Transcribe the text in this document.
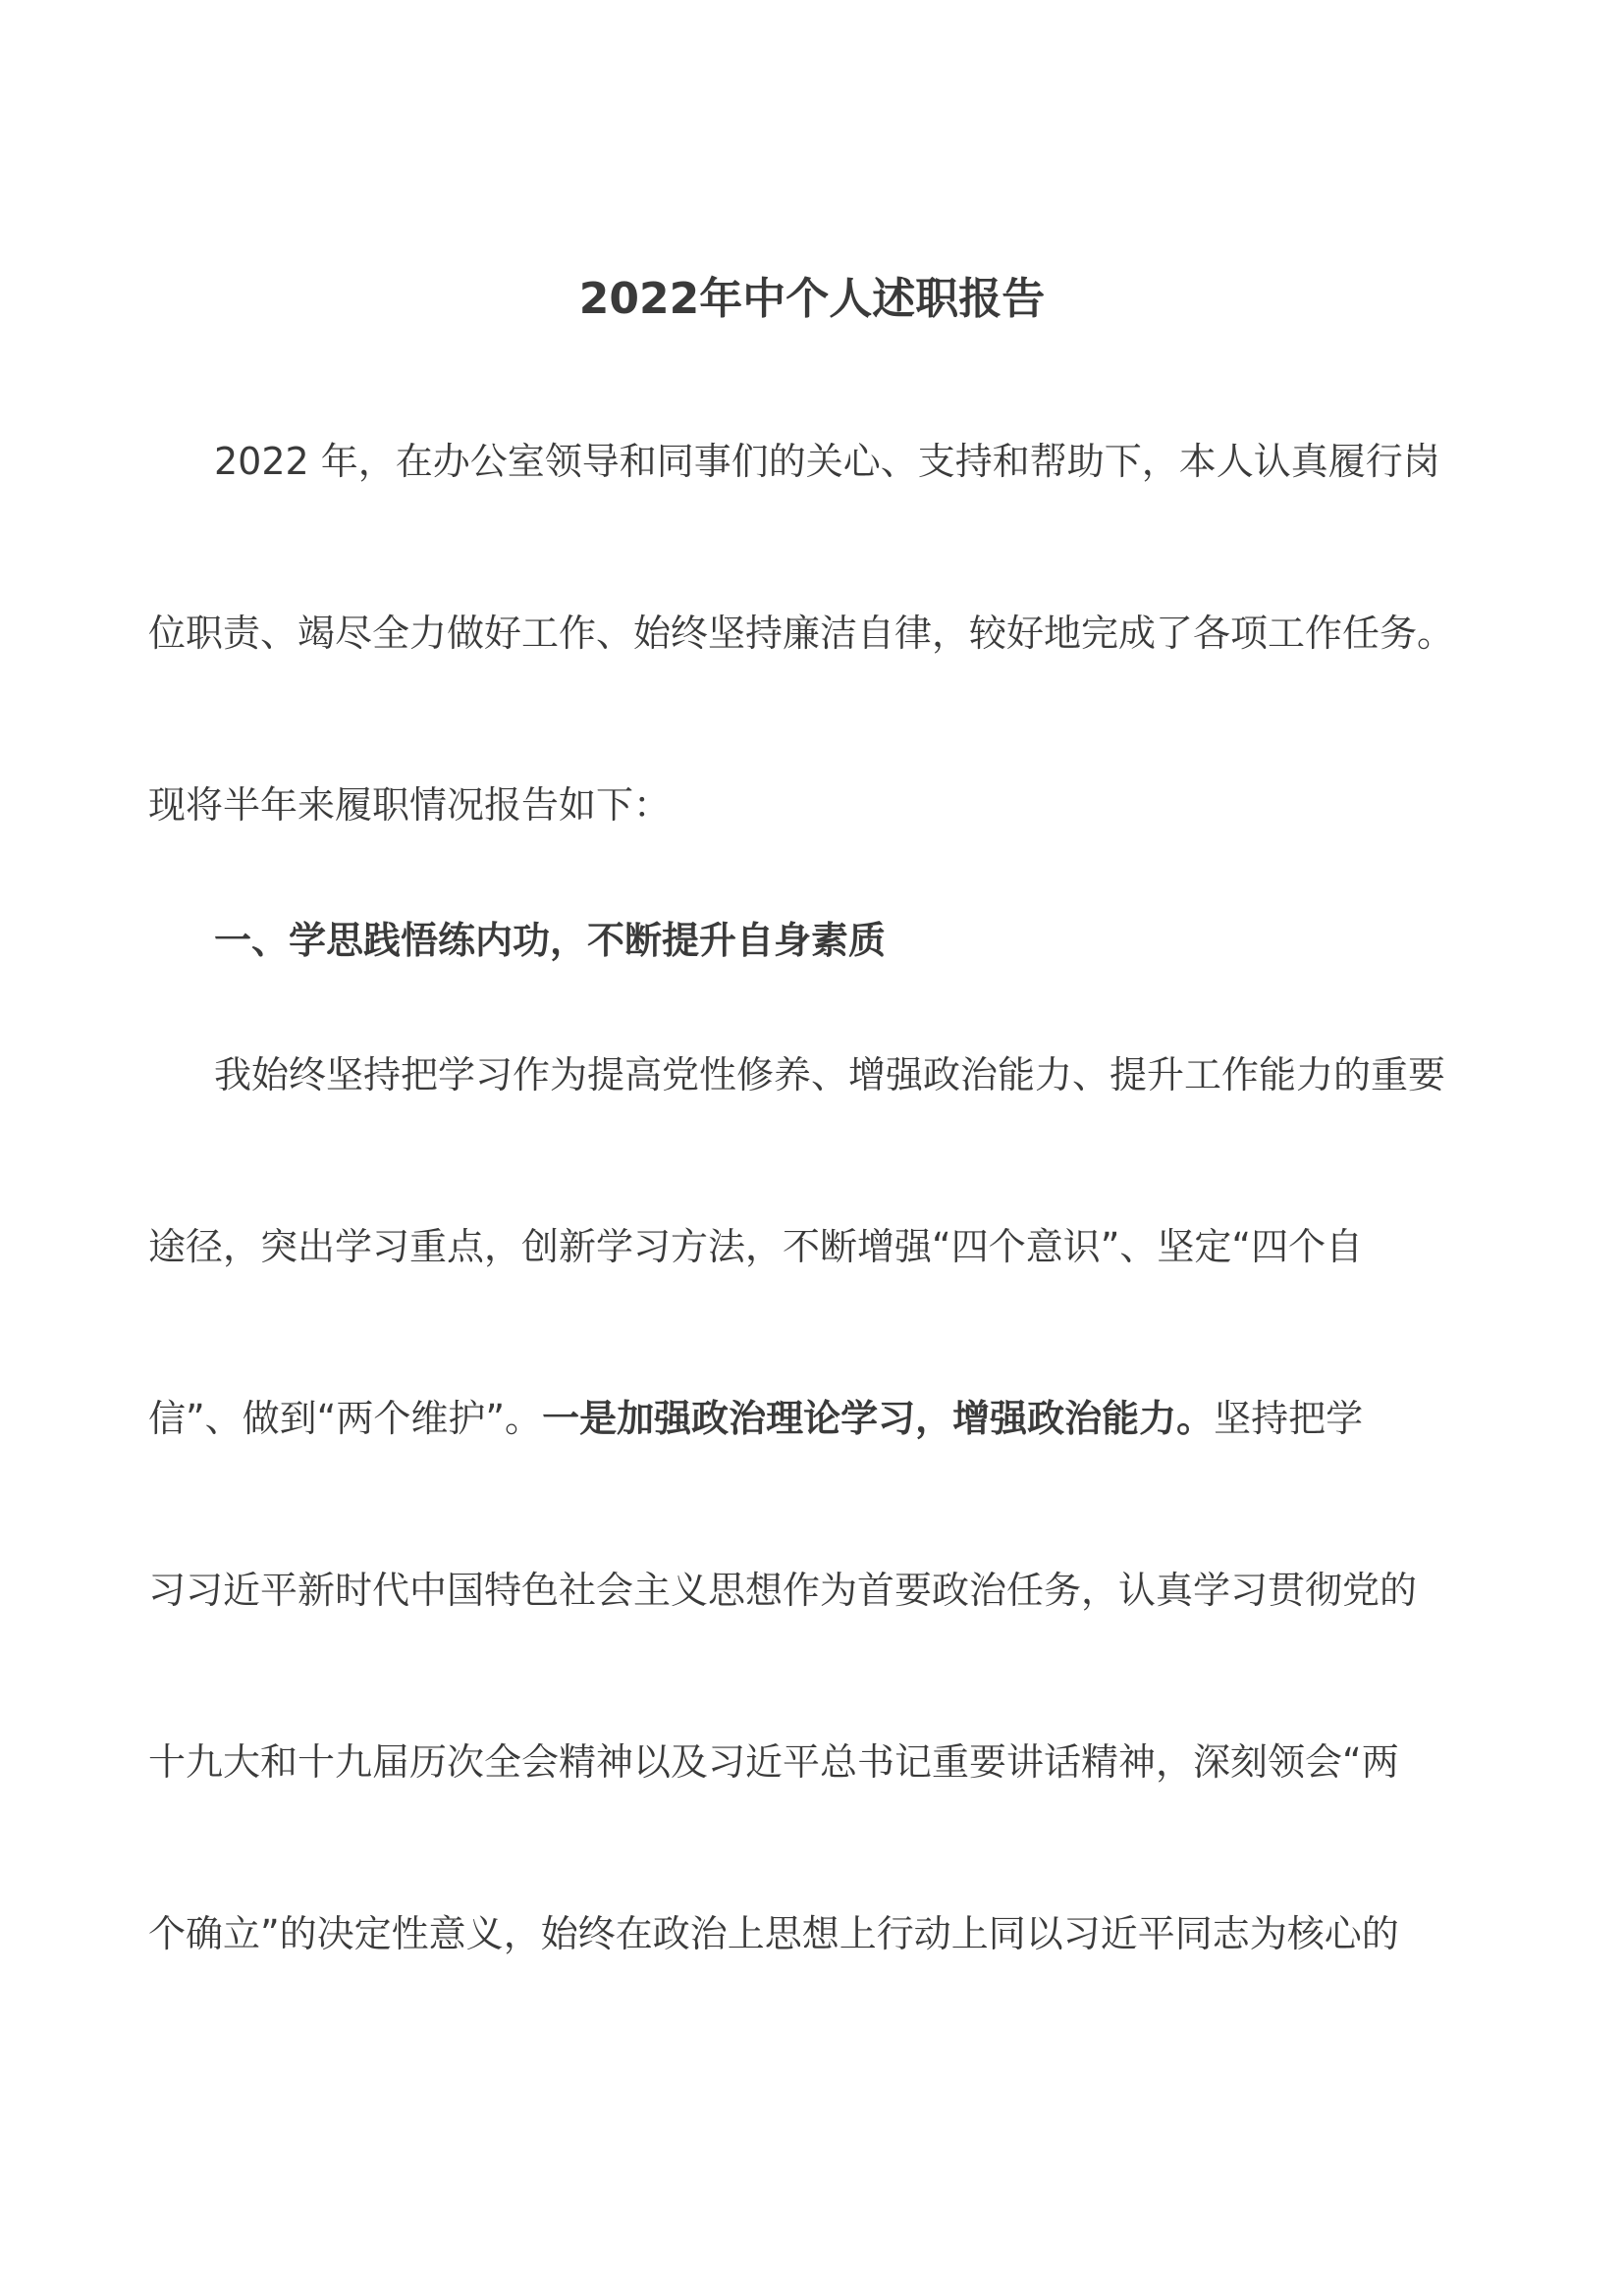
2022年中个人述职报告
2022 年，在办公室领导和同事们的关心、支持和帮助下，本人认真履行岗
位职责、竭尽全力做好工作、始终坚持廉洁自律，较好地完成了各项工作任务。
现将半年来履职情况报告如下：
一、学思践悟练内功，不断提升自身素质
我始终坚持把学习作为提高党性修养、增强政治能力、提升工作能力的重要
途径，突出学习重点，创新学习方法，不断增强“四个意识”、坚定“四个自
信”、做到“两个维护”。一是加强政治理论学习，增强政治能力。坚持把学
习习近平新时代中国特色社会主义思想作为首要政治任务，认真学习贯彻党的
十九大和十九届历次全会精神以及习近平总书记重要讲话精神，深刻领会“两
个确立”的决定性意义，始终在政治上思想上行动上同以习近平同志为核心的
